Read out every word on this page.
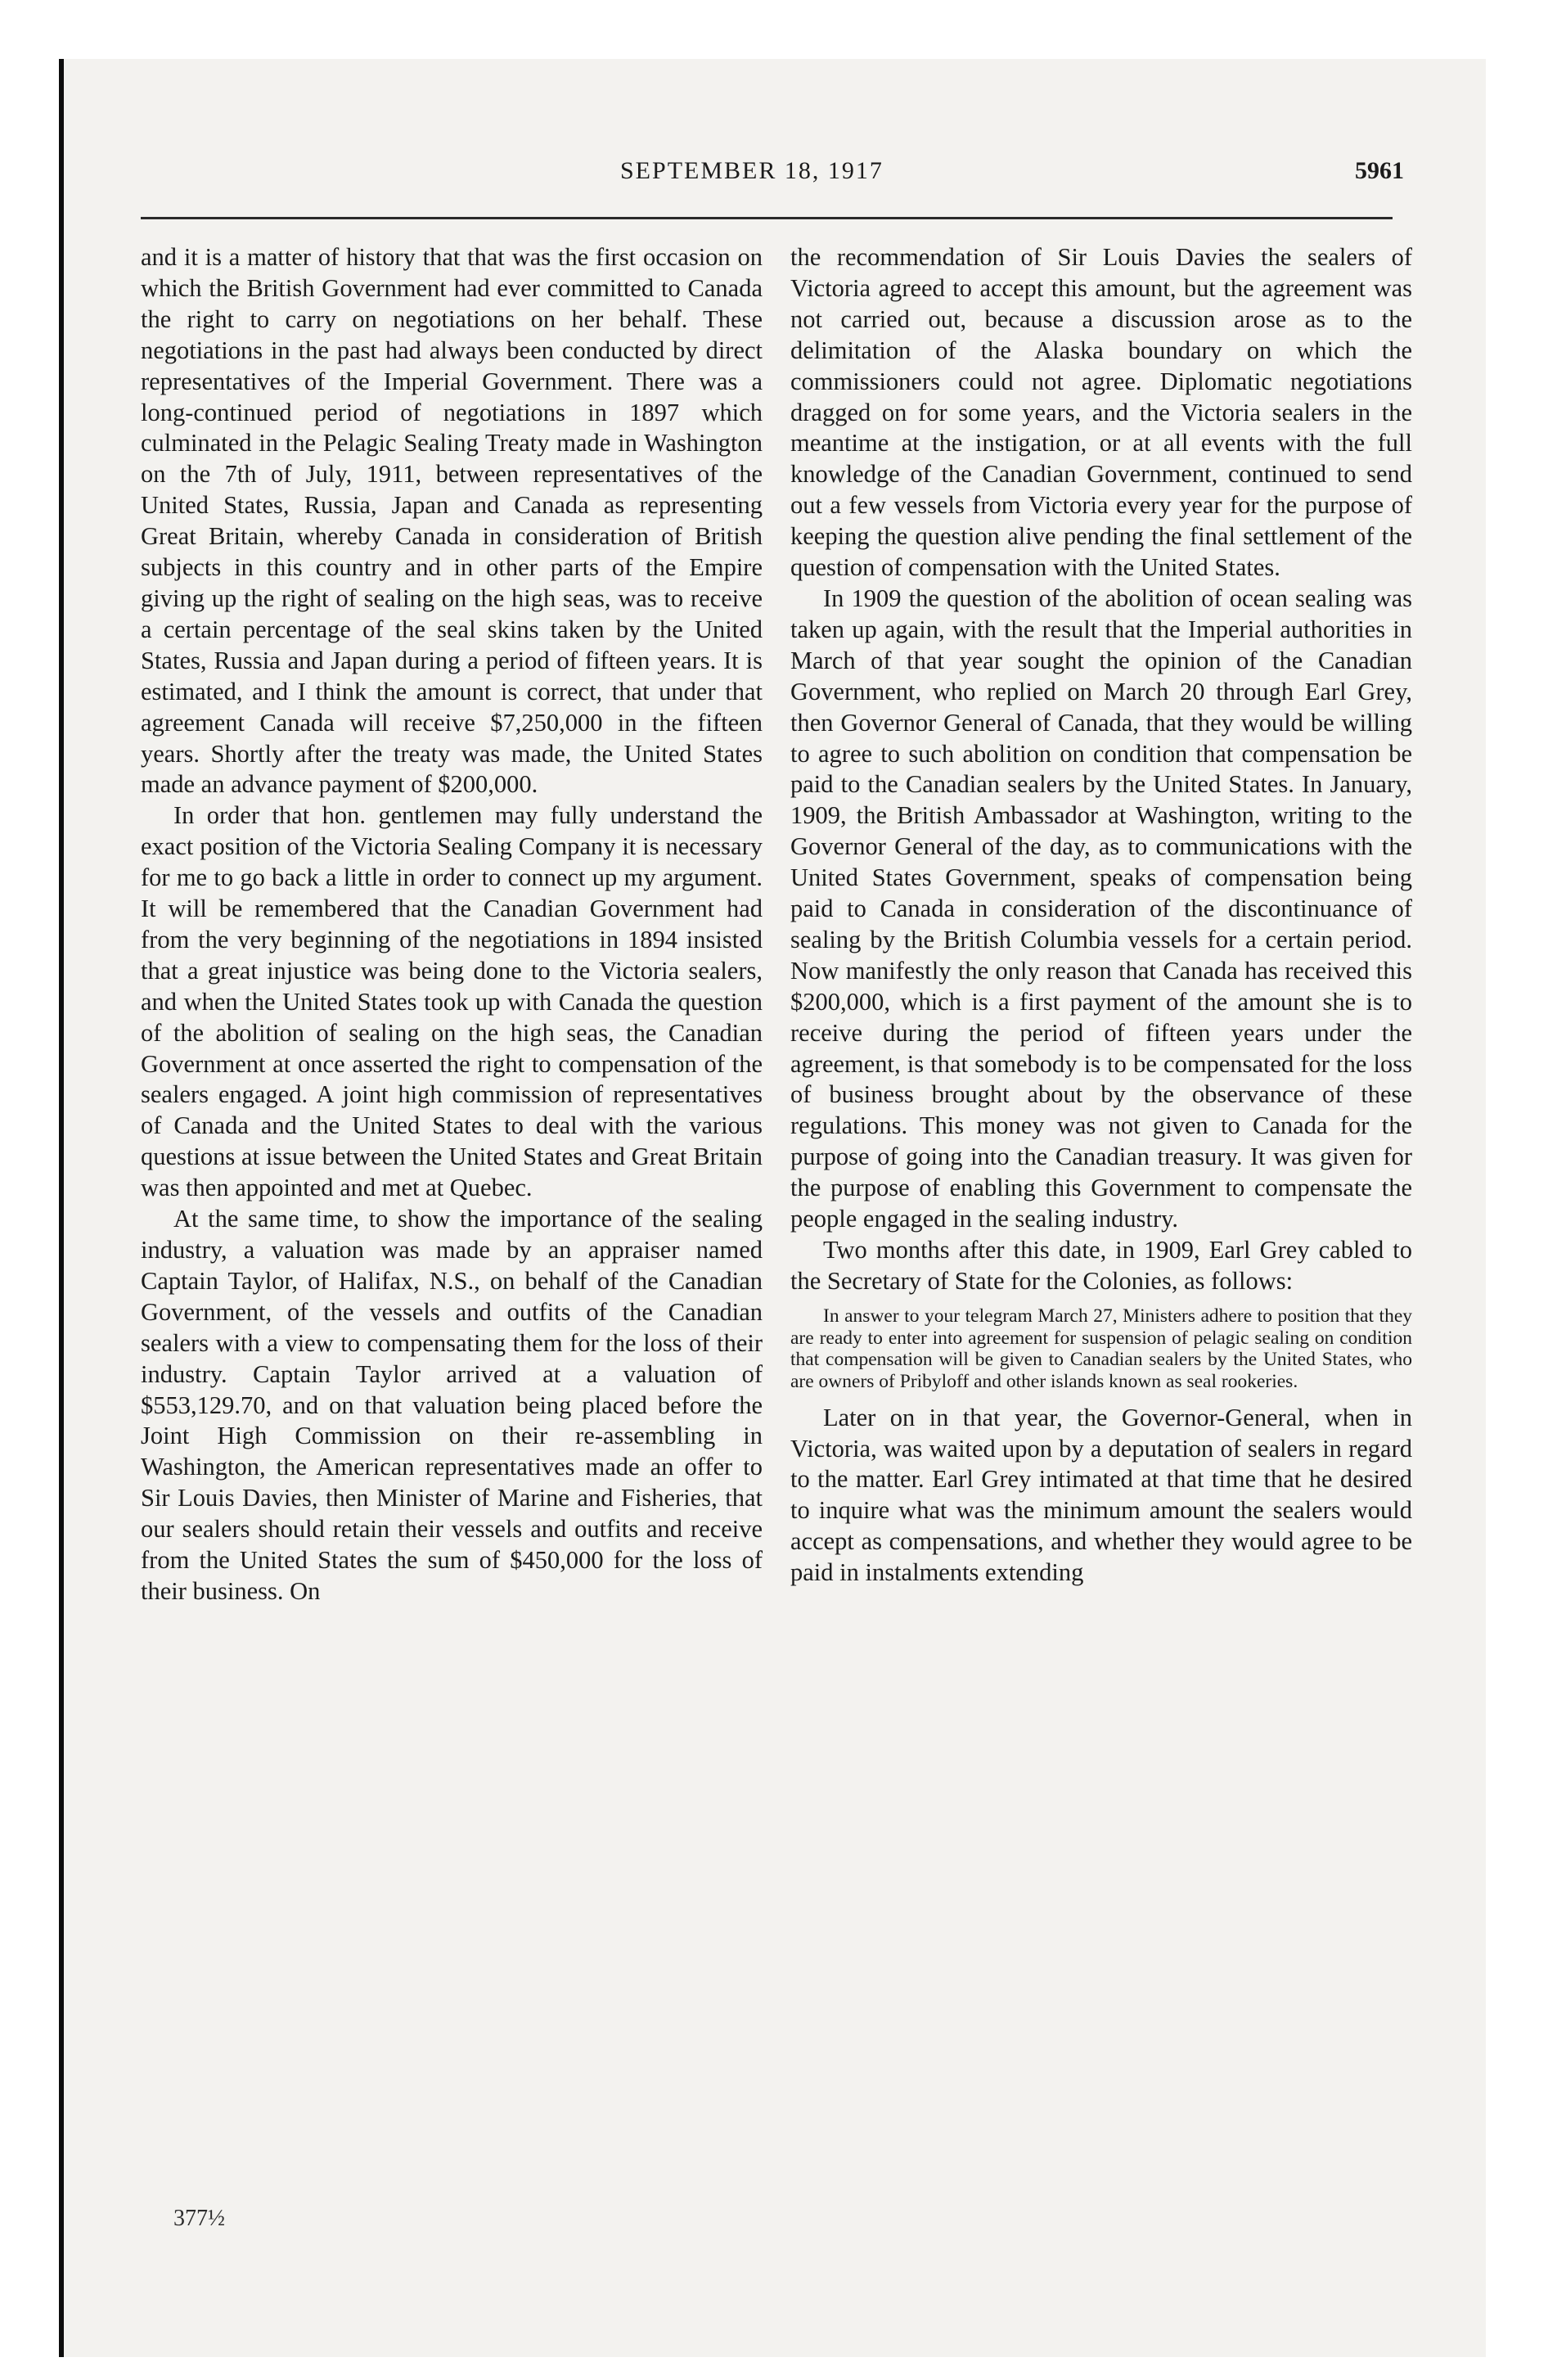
SEPTEMBER 18, 1917	5961

and it is a matter of history that that was the first occasion on which the British Government had ever committed to Canada the right to carry on negotiations on her behalf. These negotiations in the past had always been conducted by direct representatives of the Imperial Government. There was a long-continued period of negotiations in 1897 which culminated in the Pelagic Sealing Treaty made in Washington on the 7th of July, 1911, between representatives of the United States, Russia, Japan and Canada as representing Great Britain, whereby Canada in consideration of British subjects in this country and in other parts of the Empire giving up the right of sealing on the high seas, was to receive a certain percentage of the seal skins taken by the United States, Russia and Japan during a period of fifteen years. It is estimated, and I think the amount is correct, that under that agreement Canada will receive $7,250,000 in the fifteen years. Shortly after the treaty was made, the United States made an advance payment of $200,000.

In order that hon. gentlemen may fully understand the exact position of the Victoria Sealing Company it is necessary for me to go back a little in order to connect up my argument. It will be remembered that the Canadian Government had from the very beginning of the negotiations in 1894 insisted that a great injustice was being done to the Victoria sealers, and when the United States took up with Canada the question of the abolition of sealing on the high seas, the Canadian Government at once asserted the right to compensation of the sealers engaged. A joint high commission of representatives of Canada and the United States to deal with the various questions at issue between the United States and Great Britain was then appointed and met at Quebec.

At the same time, to show the importance of the sealing industry, a valuation was made by an appraiser named Captain Taylor, of Halifax, N.S., on behalf of the Canadian Government, of the vessels and outfits of the Canadian sealers with a view to compensating them for the loss of their industry. Captain Taylor arrived at a valuation of $553,129.70, and on that valuation being placed before the Joint High Commission on their re-assembling in Washington, the American representatives made an offer to Sir Louis Davies, then Minister of Marine and Fisheries, that our sealers should retain their vessels and outfits and receive from the United States the sum of $450,000 for the loss of their business. On

the recommendation of Sir Louis Davies the sealers of Victoria agreed to accept this amount, but the agreement was not carried out, because a discussion arose as to the delimitation of the Alaska boundary on which the commissioners could not agree. Diplomatic negotiations dragged on for some years, and the Victoria sealers in the meantime at the instigation, or at all events with the full knowledge of the Canadian Government, continued to send out a few vessels from Victoria every year for the purpose of keeping the question alive pending the final settlement of the question of compensation with the United States.

In 1909 the question of the abolition of ocean sealing was taken up again, with the result that the Imperial authorities in March of that year sought the opinion of the Canadian Government, who replied on March 20 through Earl Grey, then Governor General of Canada, that they would be willing to agree to such abolition on condition that compensation be paid to the Canadian sealers by the United States. In January, 1909, the British Ambassador at Washington, writing to the Governor General of the day, as to communications with the United States Government, speaks of compensation being paid to Canada in consideration of the discontinuance of sealing by the British Columbia vessels for a certain period. Now manifestly the only reason that Canada has received this $200,000, which is a first payment of the amount she is to receive during the period of fifteen years under the agreement, is that somebody is to be compensated for the loss of business brought about by the observance of these regulations. This money was not given to Canada for the purpose of going into the Canadian treasury. It was given for the purpose of enabling this Government to compensate the people engaged in the sealing industry.

Two months after this date, in 1909, Earl Grey cabled to the Secretary of State for the Colonies, as follows:

In answer to your telegram March 27, Ministers adhere to position that they are ready to enter into agreement for suspension of pelagic sealing on condition that compensation will be given to Canadian sealers by the United States, who are owners of Pribyloff and other islands known as seal rookeries.

Later on in that year, the Governor-General, when in Victoria, was waited upon by a deputation of sealers in regard to the matter. Earl Grey intimated at that time that he desired to inquire what was the minimum amount the sealers would accept as compensations, and whether they would agree to be paid in instalments extending

377½
